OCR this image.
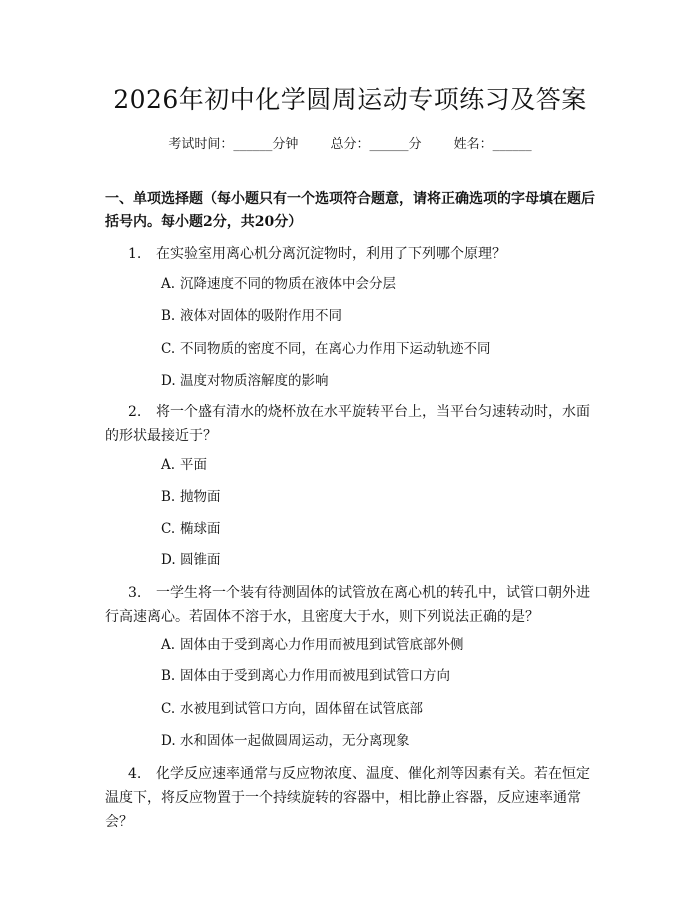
2026年初中化学圆周运动专项练习及答案
考试时间：______分钟 总分：______分 姓名：______
一、单项选择题（每小题只有一个选项符合题意，请将正确选项的字母填在题后括号内。每小题2分，共20分）
1. 在实验室用离心机分离沉淀物时，利用了下列哪个原理？
A. 沉降速度不同的物质在液体中会分层
B. 液体对固体的吸附作用不同
C. 不同物质的密度不同，在离心力作用下运动轨迹不同
D. 温度对物质溶解度的影响
2. 将一个盛有清水的烧杯放在水平旋转平台上，当平台匀速转动时，水面的形状最接近于？
A. 平面
B. 抛物面
C. 椭球面
D. 圆锥面
3. 一学生将一个装有待测固体的试管放在离心机的转孔中，试管口朝外进行高速离心。若固体不溶于水，且密度大于水，则下列说法正确的是？
A. 固体由于受到离心力作用而被甩到试管底部外侧
B. 固体由于受到离心力作用而被甩到试管口方向
C. 水被甩到试管口方向，固体留在试管底部
D. 水和固体一起做圆周运动，无分离现象
4. 化学反应速率通常与反应物浓度、温度、催化剂等因素有关。若在恒定温度下，将反应物置于一个持续旋转的容器中，相比静止容器，反应速率通常会？
